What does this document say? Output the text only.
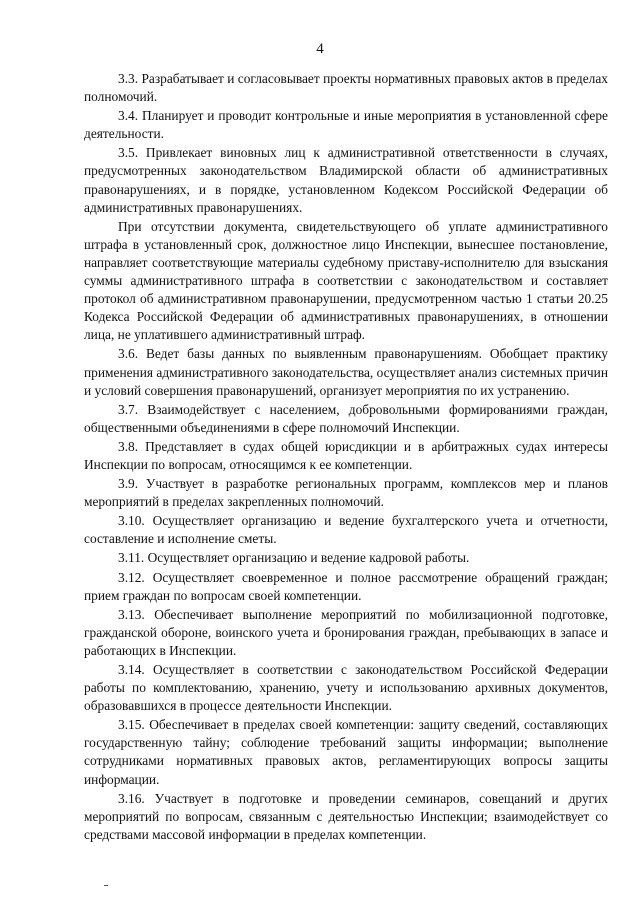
4

3.3. Разрабатывает и согласовывает проекты нормативных правовых актов в пределах полномочий.

3.4. Планирует и проводит контрольные и иные мероприятия в установленной сфере деятельности.

3.5. Привлекает виновных лиц к административной ответственности в случаях, предусмотренных законодательством Владимирской области об административных правонарушениях, и в порядке, установленном Кодексом Российской Федерации об административных правонарушениях.

При отсутствии документа, свидетельствующего об уплате административного штрафа в установленный срок, должностное лицо Инспекции, вынесшее постановление, направляет соответствующие материалы судебному приставу-исполнителю для взыскания суммы административного штрафа в соответствии с законодательством и составляет протокол об административном правонарушении, предусмотренном частью 1 статьи 20.25 Кодекса Российской Федерации об административных правонарушениях, в отношении лица, не уплатившего административный штраф.

3.6. Ведет базы данных по выявленным правонарушениям. Обобщает практику применения административного законодательства, осуществляет анализ системных причин и условий совершения правонарушений, организует мероприятия по их устранению.

3.7. Взаимодействует с населением, добровольными формированиями граждан, общественными объединениями в сфере полномочий Инспекции.

3.8. Представляет в судах общей юрисдикции и в арбитражных судах интересы Инспекции по вопросам, относящимся к ее компетенции.

3.9. Участвует в разработке региональных программ, комплексов мер и планов мероприятий в пределах закрепленных полномочий.

3.10. Осуществляет организацию и ведение бухгалтерского учета и отчетности, составление и исполнение сметы.

3.11. Осуществляет организацию и ведение кадровой работы.

3.12. Осуществляет своевременное и полное рассмотрение обращений граждан; прием граждан по вопросам своей компетенции.

3.13. Обеспечивает выполнение мероприятий по мобилизационной подготовке, гражданской обороне, воинского учета и бронирования граждан, пребывающих в запасе и работающих в Инспекции.

3.14. Осуществляет в соответствии с законодательством Российской Федерации работы по комплектованию, хранению, учету и использованию архивных документов, образовавшихся в процессе деятельности Инспекции.

3.15. Обеспечивает в пределах своей компетенции: защиту сведений, составляющих государственную тайну; соблюдение требований защиты информации; выполнение сотрудниками нормативных правовых актов, регламентирующих вопросы защиты информации.

3.16. Участвует в подготовке и проведении семинаров, совещаний и других мероприятий по вопросам, связанным с деятельностью Инспекции; взаимодействует со средствами массовой информации в пределах компетенции.
